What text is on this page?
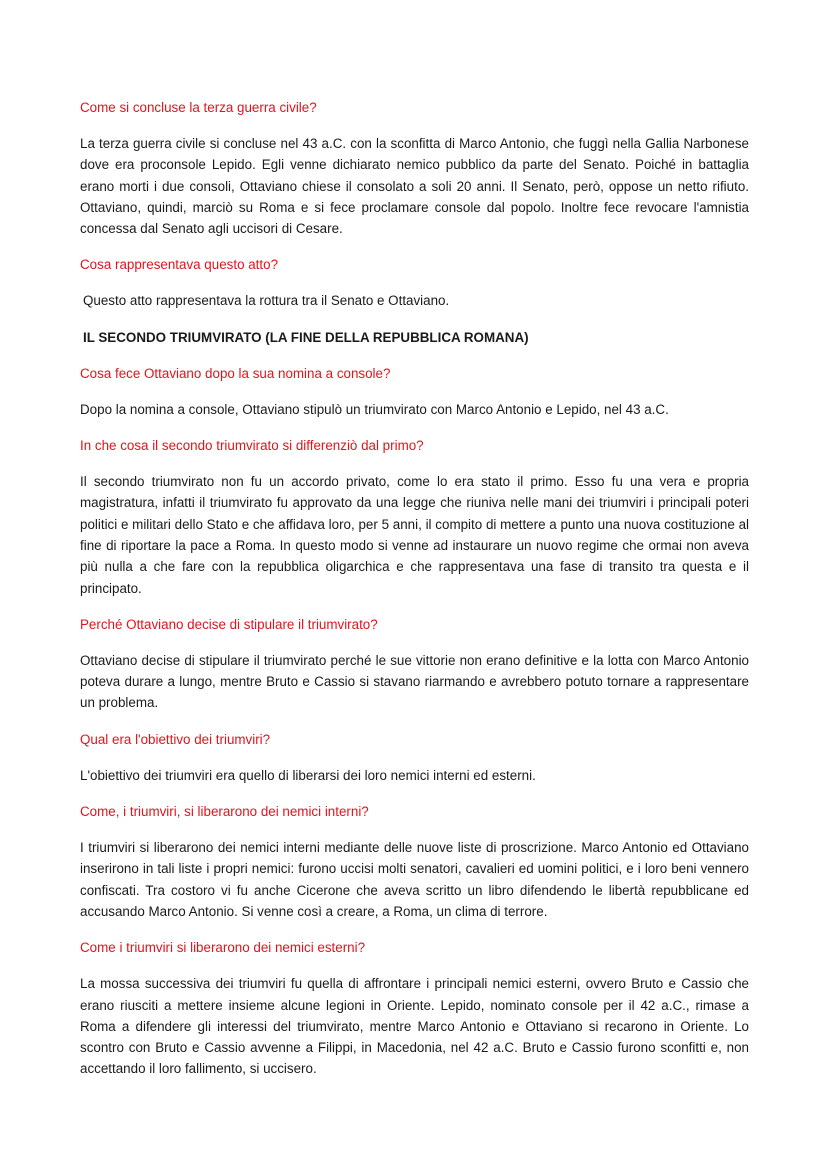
Come si concluse la terza guerra civile?

La terza guerra civile si concluse nel 43 a.C. con la sconfitta di Marco Antonio, che fuggì nella Gallia Narbonese dove era proconsole Lepido. Egli venne dichiarato nemico pubblico da parte del Senato. Poiché in battaglia erano morti i due consoli, Ottaviano chiese il consolato a soli 20 anni. Il Senato, però, oppose un netto rifiuto. Ottaviano, quindi, marciò su Roma e si fece proclamare console dal popolo. Inoltre fece revocare l'amnistia concessa dal Senato agli uccisori di Cesare.

Cosa rappresentava questo atto?

Questo atto rappresentava la rottura tra il Senato e Ottaviano.

IL SECONDO TRIUMVIRATO (LA FINE DELLA REPUBBLICA ROMANA)

Cosa fece Ottaviano dopo la sua nomina a console?

Dopo la nomina a console, Ottaviano stipulò un triumvirato con Marco Antonio e Lepido, nel 43 a.C.

In che cosa il secondo triumvirato si differenziò dal primo?

Il secondo triumvirato non fu un accordo privato, come lo era stato il primo. Esso fu una vera e propria magistratura, infatti il triumvirato fu approvato da una legge che riuniva nelle mani dei triumviri i principali poteri politici e militari dello Stato e che affidava loro, per 5 anni, il compito di mettere a punto una nuova costituzione al fine di riportare la pace a Roma. In questo modo si venne ad instaurare un nuovo regime che ormai non aveva più nulla a che fare con la repubblica oligarchica e che rappresentava una fase di transito tra questa e il principato.

Perché Ottaviano decise di stipulare il triumvirato?

Ottaviano decise di stipulare il triumvirato perché le sue vittorie non erano definitive e la lotta con Marco Antonio poteva durare a lungo, mentre Bruto e Cassio si stavano riarmando e avrebbero potuto tornare a rappresentare un problema.

Qual era l'obiettivo dei triumviri?

L'obiettivo dei triumviri era quello di liberarsi dei loro nemici interni ed esterni.

Come, i triumviri, si liberarono dei nemici interni?

I triumviri si liberarono dei nemici interni mediante delle nuove liste di proscrizione. Marco Antonio ed Ottaviano inserirono in tali liste i propri nemici: furono uccisi molti senatori, cavalieri ed uomini politici, e i loro beni vennero confiscati. Tra costoro vi fu anche Cicerone che aveva scritto un libro difendendo le libertà repubblicane ed accusando Marco Antonio. Si venne così a creare, a Roma, un clima di terrore.

Come i triumviri si liberarono dei nemici esterni?

La mossa successiva dei triumviri fu quella di affrontare i principali nemici esterni, ovvero Bruto e Cassio che erano riusciti a mettere insieme alcune legioni in Oriente. Lepido, nominato console per il 42 a.C., rimase a Roma a difendere gli interessi del triumvirato, mentre Marco Antonio e Ottaviano si recarono in Oriente. Lo scontro con Bruto e Cassio avvenne a Filippi, in Macedonia, nel 42 a.C. Bruto e Cassio furono sconfitti e, non accettando il loro fallimento, si uccisero.
